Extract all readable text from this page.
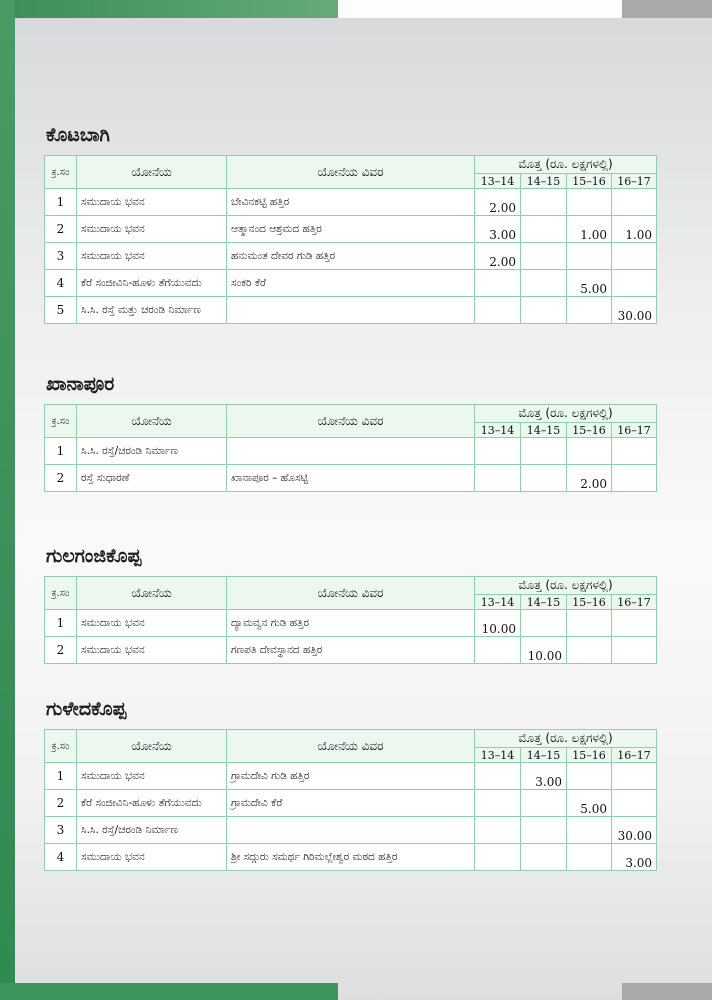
ಕೊಟಬಾಗಿ
ಕ್ರ.ಸಂ	ಯೋನೆಯ	ಯೋನೆಯ ವಿವರ	ಮೊತ್ತ (ರೂ. ಲಕ್ಷಗಳಲ್ಲಿ)			
			13–14	14–15	15–16	16–17
1	ಸಮುದಾಯ ಭವನ	ಬೇವಿನಕಟ್ಟಿ ಹತ್ತಿರ	2.00			
2	ಸಮುದಾಯ ಭವನ	ಆತ್ಮಾನಂದ ಆಶ್ರಮದ ಹತ್ತಿರ	3.00		1.00	1.00
3	ಸಮುದಾಯ ಭವನ	ಹನುಮಂತ ದೇವರ ಗುಡಿ ಹತ್ತಿರ	2.00			
4	ಕೆರೆ ಸಂಜೀವಿನಿ-ಹೂಳು ತೆಗೆಯುವದು	ಸಂಕರಿ ಕೆರೆ			5.00	
5	ಸಿ.ಸಿ. ರಸ್ತೆ ಮತ್ತು ಚರಂಡಿ ನಿರ್ಮಾಣ					30.00
ಖಾನಾಪೂರ
ಕ್ರ.ಸಂ	ಯೋನೆಯ	ಯೋನೆಯ ವಿವರ	ಮೊತ್ತ (ರೂ. ಲಕ್ಷಗಳಲ್ಲಿ)			
			13–14	14–15	15–16	16–17
1	ಸಿ.ಸಿ. ರಸ್ತೆ/ಚರಂಡಿ ನಿರ್ಮಾಣ					
2	ರಸ್ತೆ ಸುಧಾರಣೆ	ಖಾನಾಪೂರ – ಹೊಸಟ್ಟಿ			2.00	
ಗುಲಗಂಜಿಕೊಪ್ಪ
ಕ್ರ.ಸಂ	ಯೋನೆಯ	ಯೋನೆಯ ವಿವರ	ಮೊತ್ತ (ರೂ. ಲಕ್ಷಗಳಲ್ಲಿ)			
			13–14	14–15	15–16	16–17
1	ಸಮುದಾಯ ಭವನ	ದ್ಯಾಮವ್ವನ ಗುಡಿ ಹತ್ತಿರ	10.00			
2	ಸಮುದಾಯ ಭವನ	ಗಣಪತಿ ದೇವಸ್ಥಾನದ ಹತ್ತಿರ		10.00		
ಗುಳೇದಕೊಪ್ಪ
ಕ್ರ.ಸಂ	ಯೋನೆಯ	ಯೋನೆಯ ವಿವರ	ಮೊತ್ತ (ರೂ. ಲಕ್ಷಗಳಲ್ಲಿ)			
			13–14	14–15	15–16	16–17
1	ಸಮುದಾಯ ಭವನ	ಗ್ರಾಮದೇವಿ ಗುಡಿ ಹತ್ತಿರ		3.00		
2	ಕೆರೆ ಸಂಜೀವಿನಿ-ಹೂಳು ತೆಗೆಯುವದು	ಗ್ರಾಮದೇವಿ ಕೆರೆ			5.00	
3	ಸಿ.ಸಿ. ರಸ್ತೆ/ಚರಂಡಿ ನಿರ್ಮಾಣ					30.00
4	ಸಮುದಾಯ ಭವನ	ಶ್ರೀ ಸದ್ಗುರು ಸಮರ್ಥ ಗಿರಿಮಲ್ಲೇಶ್ವರ ಮಠದ ಹತ್ತಿರ				3.00
